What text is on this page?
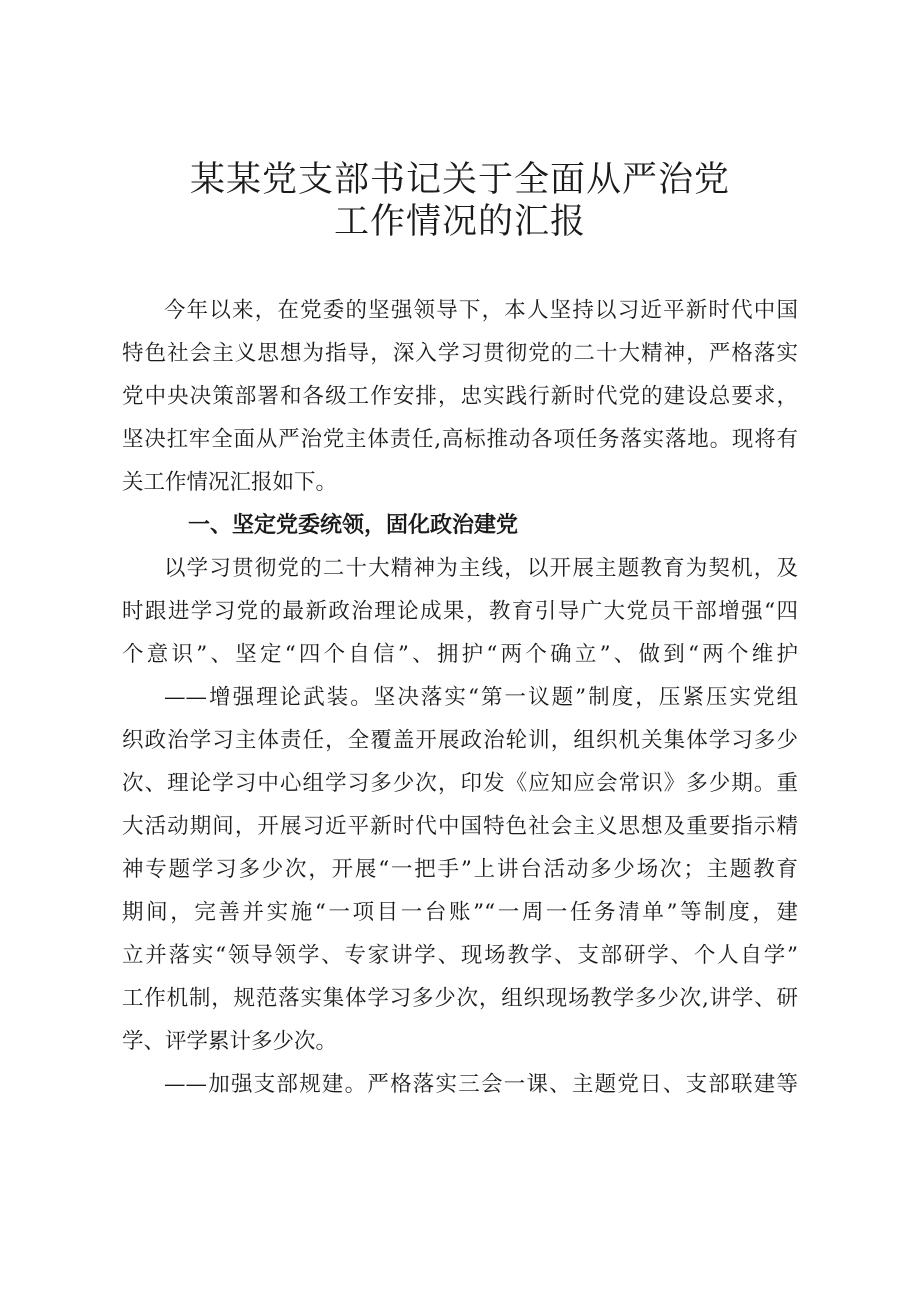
某某党支部书记关于全面从严治党
工作情况的汇报
今年以来，在党委的坚强领导下，本人坚持以习近平新时代中国
特色社会主义思想为指导，深入学习贯彻党的二十大精神，严格落实
党中央决策部署和各级工作安排，忠实践行新时代党的建设总要求，
坚决扛牢全面从严治党主体责任,高标推动各项任务落实落地。现将有
关工作情况汇报如下。
一、坚定党委统领，固化政治建党
以学习贯彻党的二十大精神为主线，以开展主题教育为契机，及
时跟进学习党的最新政治理论成果，教育引导广大党员干部增强“四
个意识”、坚定“四个自信”、拥护“两个确立”、做到“两个维护
——增强理论武装。坚决落实“第一议题”制度，压紧压实党组
织政治学习主体责任，全覆盖开展政治轮训，组织机关集体学习多少
次、理论学习中心组学习多少次，印发《应知应会常识》多少期。重
大活动期间，开展习近平新时代中国特色社会主义思想及重要指示精
神专题学习多少次，开展“一把手”上讲台活动多少场次；主题教育
期间，完善并实施“一项目一台账”“一周一任务清单”等制度，建
立并落实“领导领学、专家讲学、现场教学、支部研学、个人自学”
工作机制，规范落实集体学习多少次，组织现场教学多少次,讲学、研
学、评学累计多少次。
——加强支部规建。严格落实三会一课、主题党日、支部联建等
